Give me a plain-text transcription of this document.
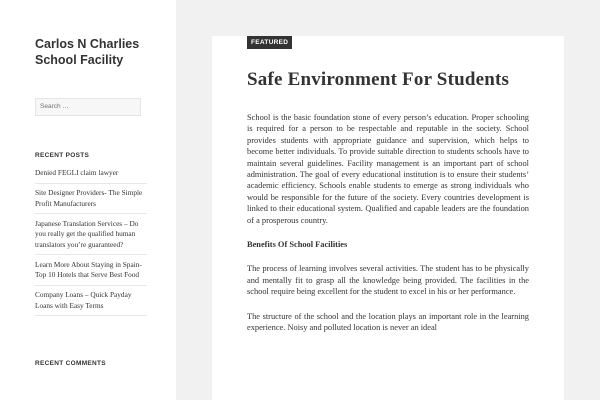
Carlos N Charlies School Facility
Search …
RECENT POSTS
Denied FEGLI claim lawyer
Site Designer Providers- The Simple Profit Manufacturers
Japanese Translation Services – Do you really get the qualified human translators you’re guaranteed?
Learn More About Staying in Spain- Top 10 Hotels that Serve Best Food
Company Loans – Quick Payday Loans with Easy Terms
RECENT COMMENTS
FEATURED
Safe Environment For Students

School is the basic foundation stone of every person’s education. Proper schooling is required for a person to be respectable and reputable in the society. School provides students with appropriate guidance and supervision, which helps to become better individuals. To provide suitable direction to students schools have to maintain several guidelines. Facility management is an important part of school administration. The goal of every educational institution is to ensure their students’ academic efficiency. Schools enable students to emerge as strong individuals who would be responsible for the future of the society. Every countries development is linked to their educational system. Qualified and capable leaders are the foundation of a prosperous country.

Benefits Of School Facilities

The process of learning involves several activities. The student has to be physically and mentally fit to grasp all the knowledge being provided. The facilities in the school require being excellent for the student to excel in his or her performance.

The structure of the school and the location plays an important role in the learning experience. Noisy and polluted location is never an ideal
